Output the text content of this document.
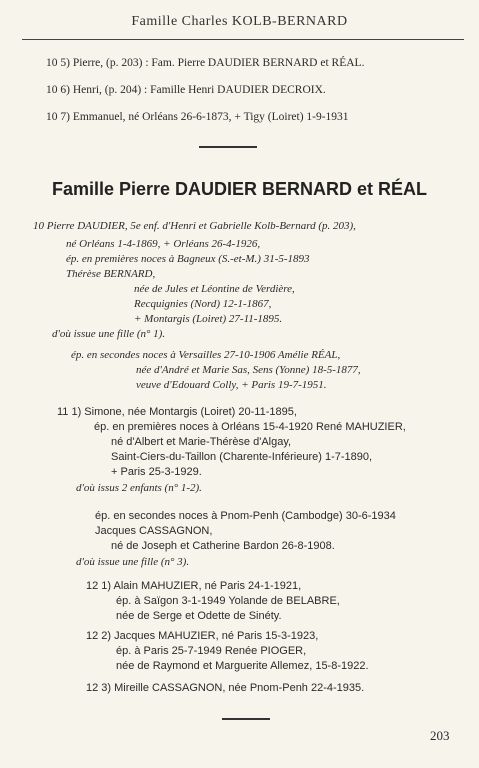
Famille Charles KOLB-BERNARD
10 5) Pierre, (p. 203) : Fam. Pierre DAUDIER BERNARD et RÉAL.
10 6) Henri, (p. 204) : Famille Henri DAUDIER DECROIX.
10 7) Emmanuel, né Orléans 26-6-1873, + Tigy (Loiret) 1-9-1931
Famille Pierre DAUDIER BERNARD et RÉAL
10 Pierre DAUDIER, 5e enf. d'Henri et Gabrielle Kolb-Bernard (p. 203),
né Orléans 1-4-1869, + Orléans 26-4-1926,
ép. en premières noces à Bagneux (S.-et-M.) 31-5-1893
Thérèse BERNARD,
née de Jules et Léontine de Verdière,
Recquignies (Nord) 12-1-1867,
+ Montargis (Loiret) 27-11-1895.
d'où issue une fille (n° 1).
ép. en secondes noces à Versailles 27-10-1906 Amélie RÉAL,
née d'André et Marie Sas, Sens (Yonne) 18-5-1877,
veuve d'Edouard Colly, + Paris 19-7-1951.
11 1) Simone, née Montargis (Loiret) 20-11-1895,
ép. en premières noces à Orléans 15-4-1920 René MAHUZIER,
né d'Albert et Marie-Thérèse d'Algay,
Saint-Ciers-du-Taillon (Charente-Inférieure) 1-7-1890,
+ Paris 25-3-1929.
d'où issus 2 enfants (n° 1-2).
ép. en secondes noces à Pnom-Penh (Cambodge) 30-6-1934
Jacques CASSAGNON,
né de Joseph et Catherine Bardon 26-8-1908.
d'où issue une fille (n° 3).
12 1) Alain MAHUZIER, né Paris 24-1-1921,
ép. à Saïgon 3-1-1949 Yolande de BELABRE,
née de Serge et Odette de Sinéty.
12 2) Jacques MAHUZIER, né Paris 15-3-1923,
ép. à Paris 25-7-1949 Renée PIOGER,
née de Raymond et Marguerite Allemez, 15-8-1922.
12 3) Mireille CASSAGNON, née Pnom-Penh 22-4-1935.
203
